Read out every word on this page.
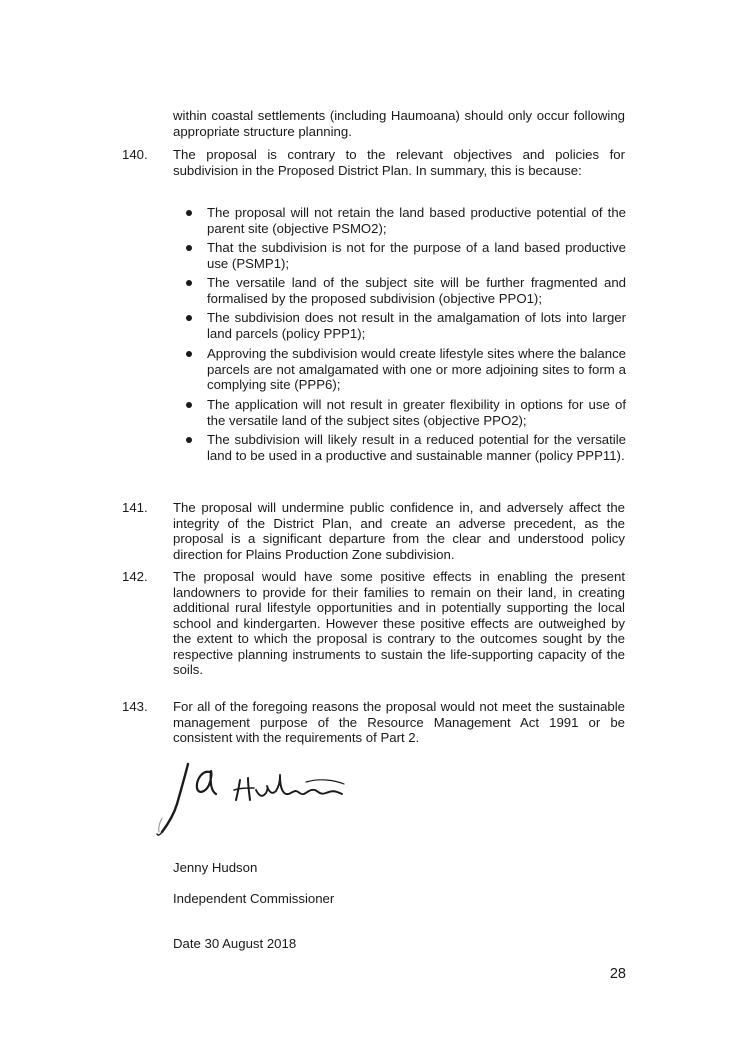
within coastal settlements (including Haumoana) should only occur following appropriate structure planning.
140.	The proposal is contrary to the relevant objectives and policies for subdivision in the Proposed District Plan. In summary, this is because:
The proposal will not retain the land based productive potential of the parent site (objective PSMO2);
That the subdivision is not for the purpose of a land based productive use (PSMP1);
The versatile land of the subject site will be further fragmented and formalised by the proposed subdivision (objective PPO1);
The subdivision does not result in the amalgamation of lots into larger land parcels (policy PPP1);
Approving the subdivision would create lifestyle sites where the balance parcels are not amalgamated with one or more adjoining sites to form a complying site (PPP6);
The application will not result in greater flexibility in options for use of the versatile land of the subject sites (objective PPO2);
The subdivision will likely result in a reduced potential for the versatile land to be used in a productive and sustainable manner (policy PPP11).
141.	The proposal will undermine public confidence in, and adversely affect the integrity of the District Plan, and create an adverse precedent, as the proposal is a significant departure from the clear and understood policy direction for Plains Production Zone subdivision.
142.	The proposal would have some positive effects in enabling the present landowners to provide for their families to remain on their land, in creating additional rural lifestyle opportunities and in potentially supporting the local school and kindergarten. However these positive effects are outweighed by the extent to which the proposal is contrary to the outcomes sought by the respective planning instruments to sustain the life-supporting capacity of the soils.
143.	For all of the foregoing reasons the proposal would not meet the sustainable management purpose of the Resource Management Act 1991 or be consistent with the requirements of Part 2.
Jenny Hudson
Independent Commissioner
Date 30 August 2018
28
